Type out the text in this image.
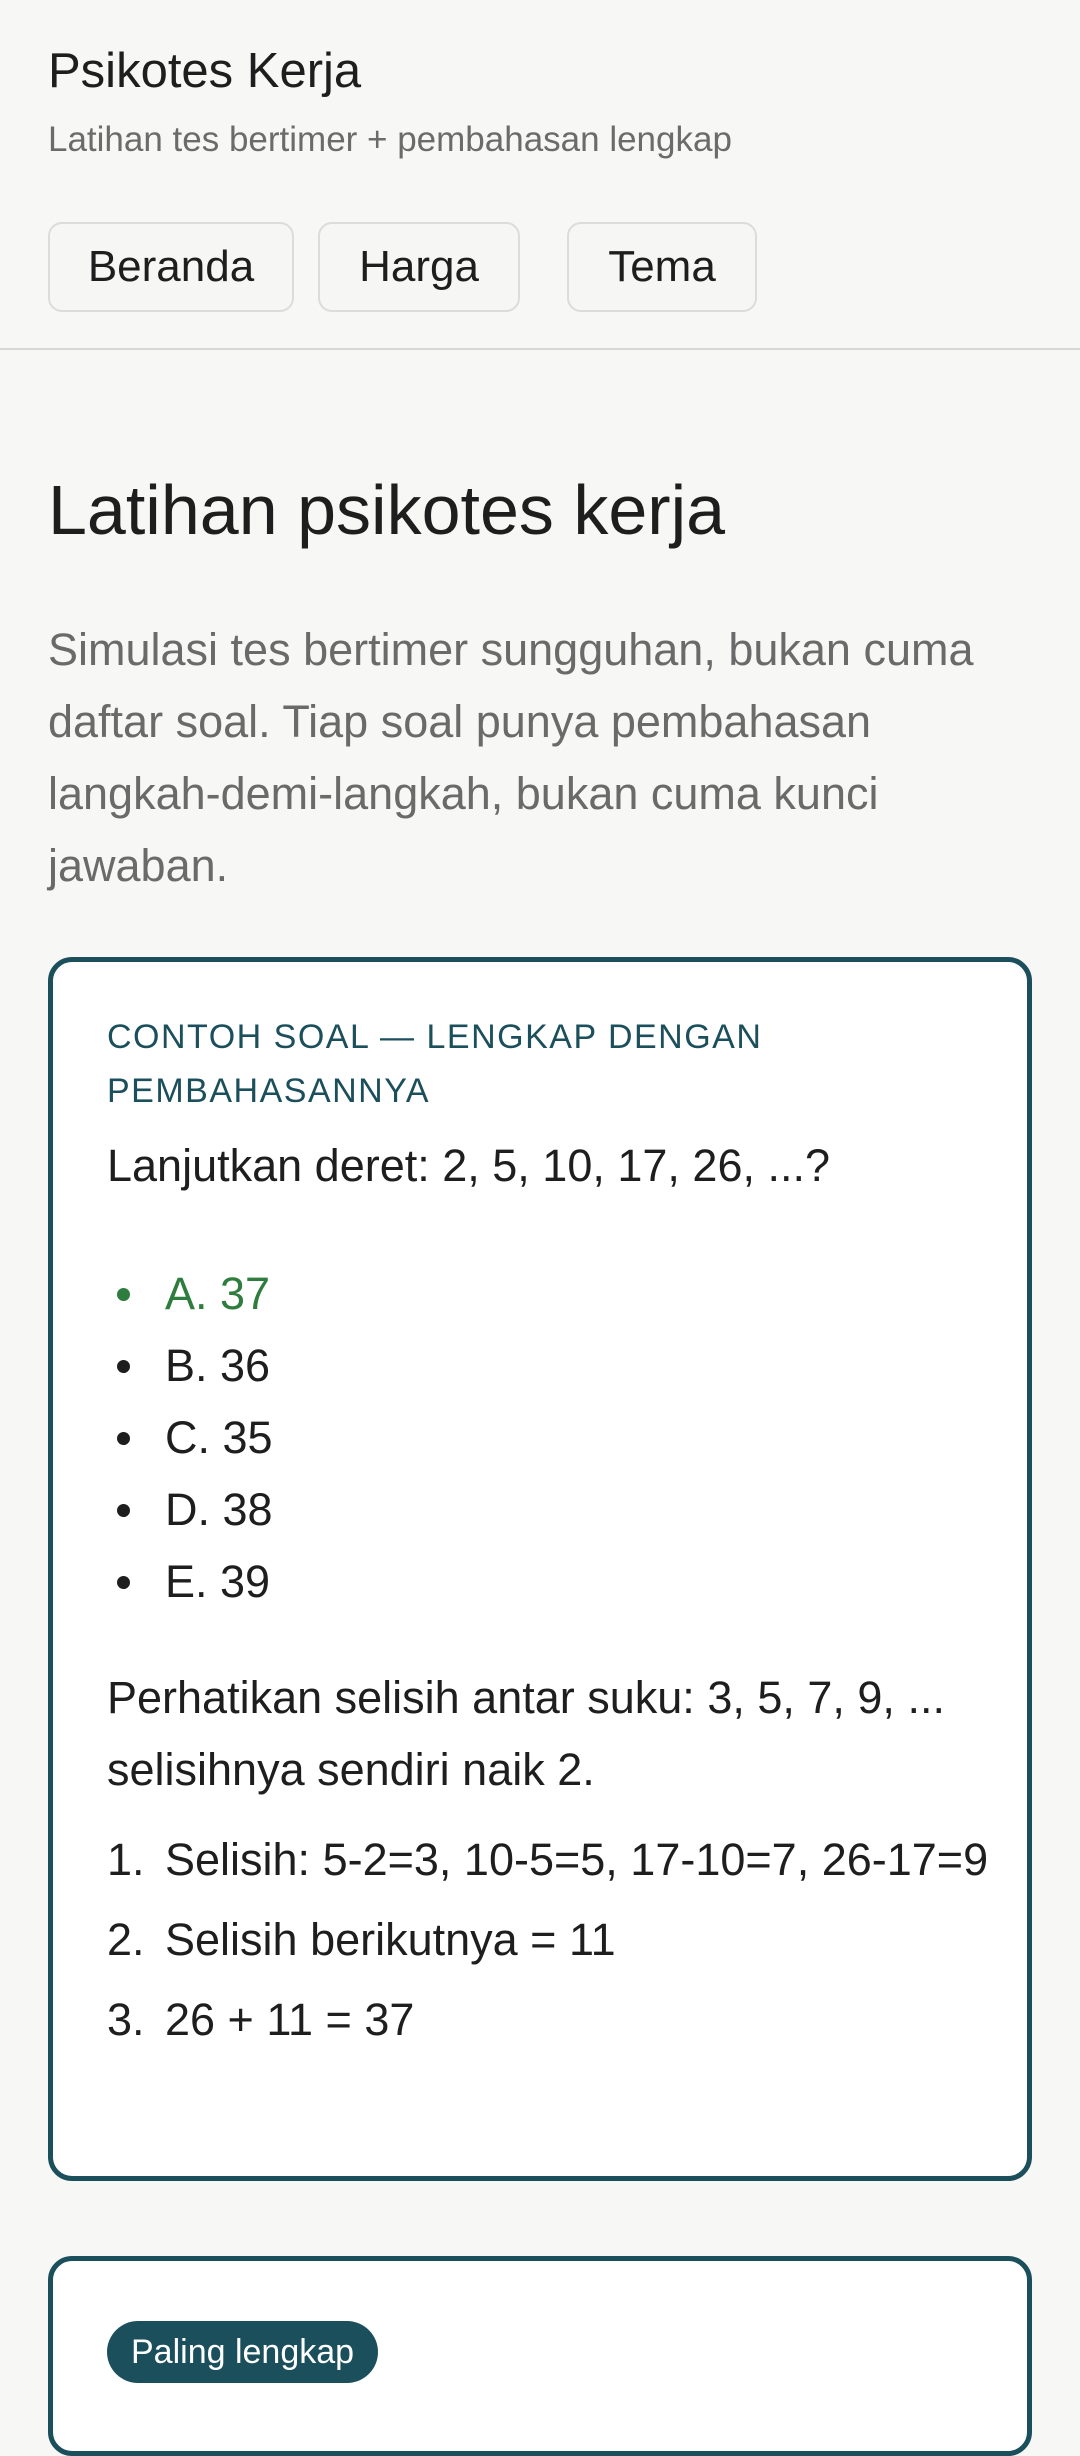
Psikotes Kerja
Latihan tes bertimer + pembahasan lengkap
Beranda	Harga	Tema
Latihan psikotes kerja

Simulasi tes bertimer sungguhan, bukan cuma daftar soal. Tiap soal punya pembahasan langkah-demi-langkah, bukan cuma kunci jawaban.

CONTOH SOAL — LENGKAP DENGAN PEMBAHASANNYA
Lanjutkan deret: 2, 5, 10, 17, 26, ...?
A. 37
B. 36
C. 35
D. 38
E. 39

Perhatikan selisih antar suku: 3, 5, 7, 9, ... selisihnya sendiri naik 2.

1. Selisih: 5-2=3, 10-5=5, 17-10=7, 26-17=9
2. Selisih berikutnya = 11
3. 26 + 11 = 37
Paling lengkap
